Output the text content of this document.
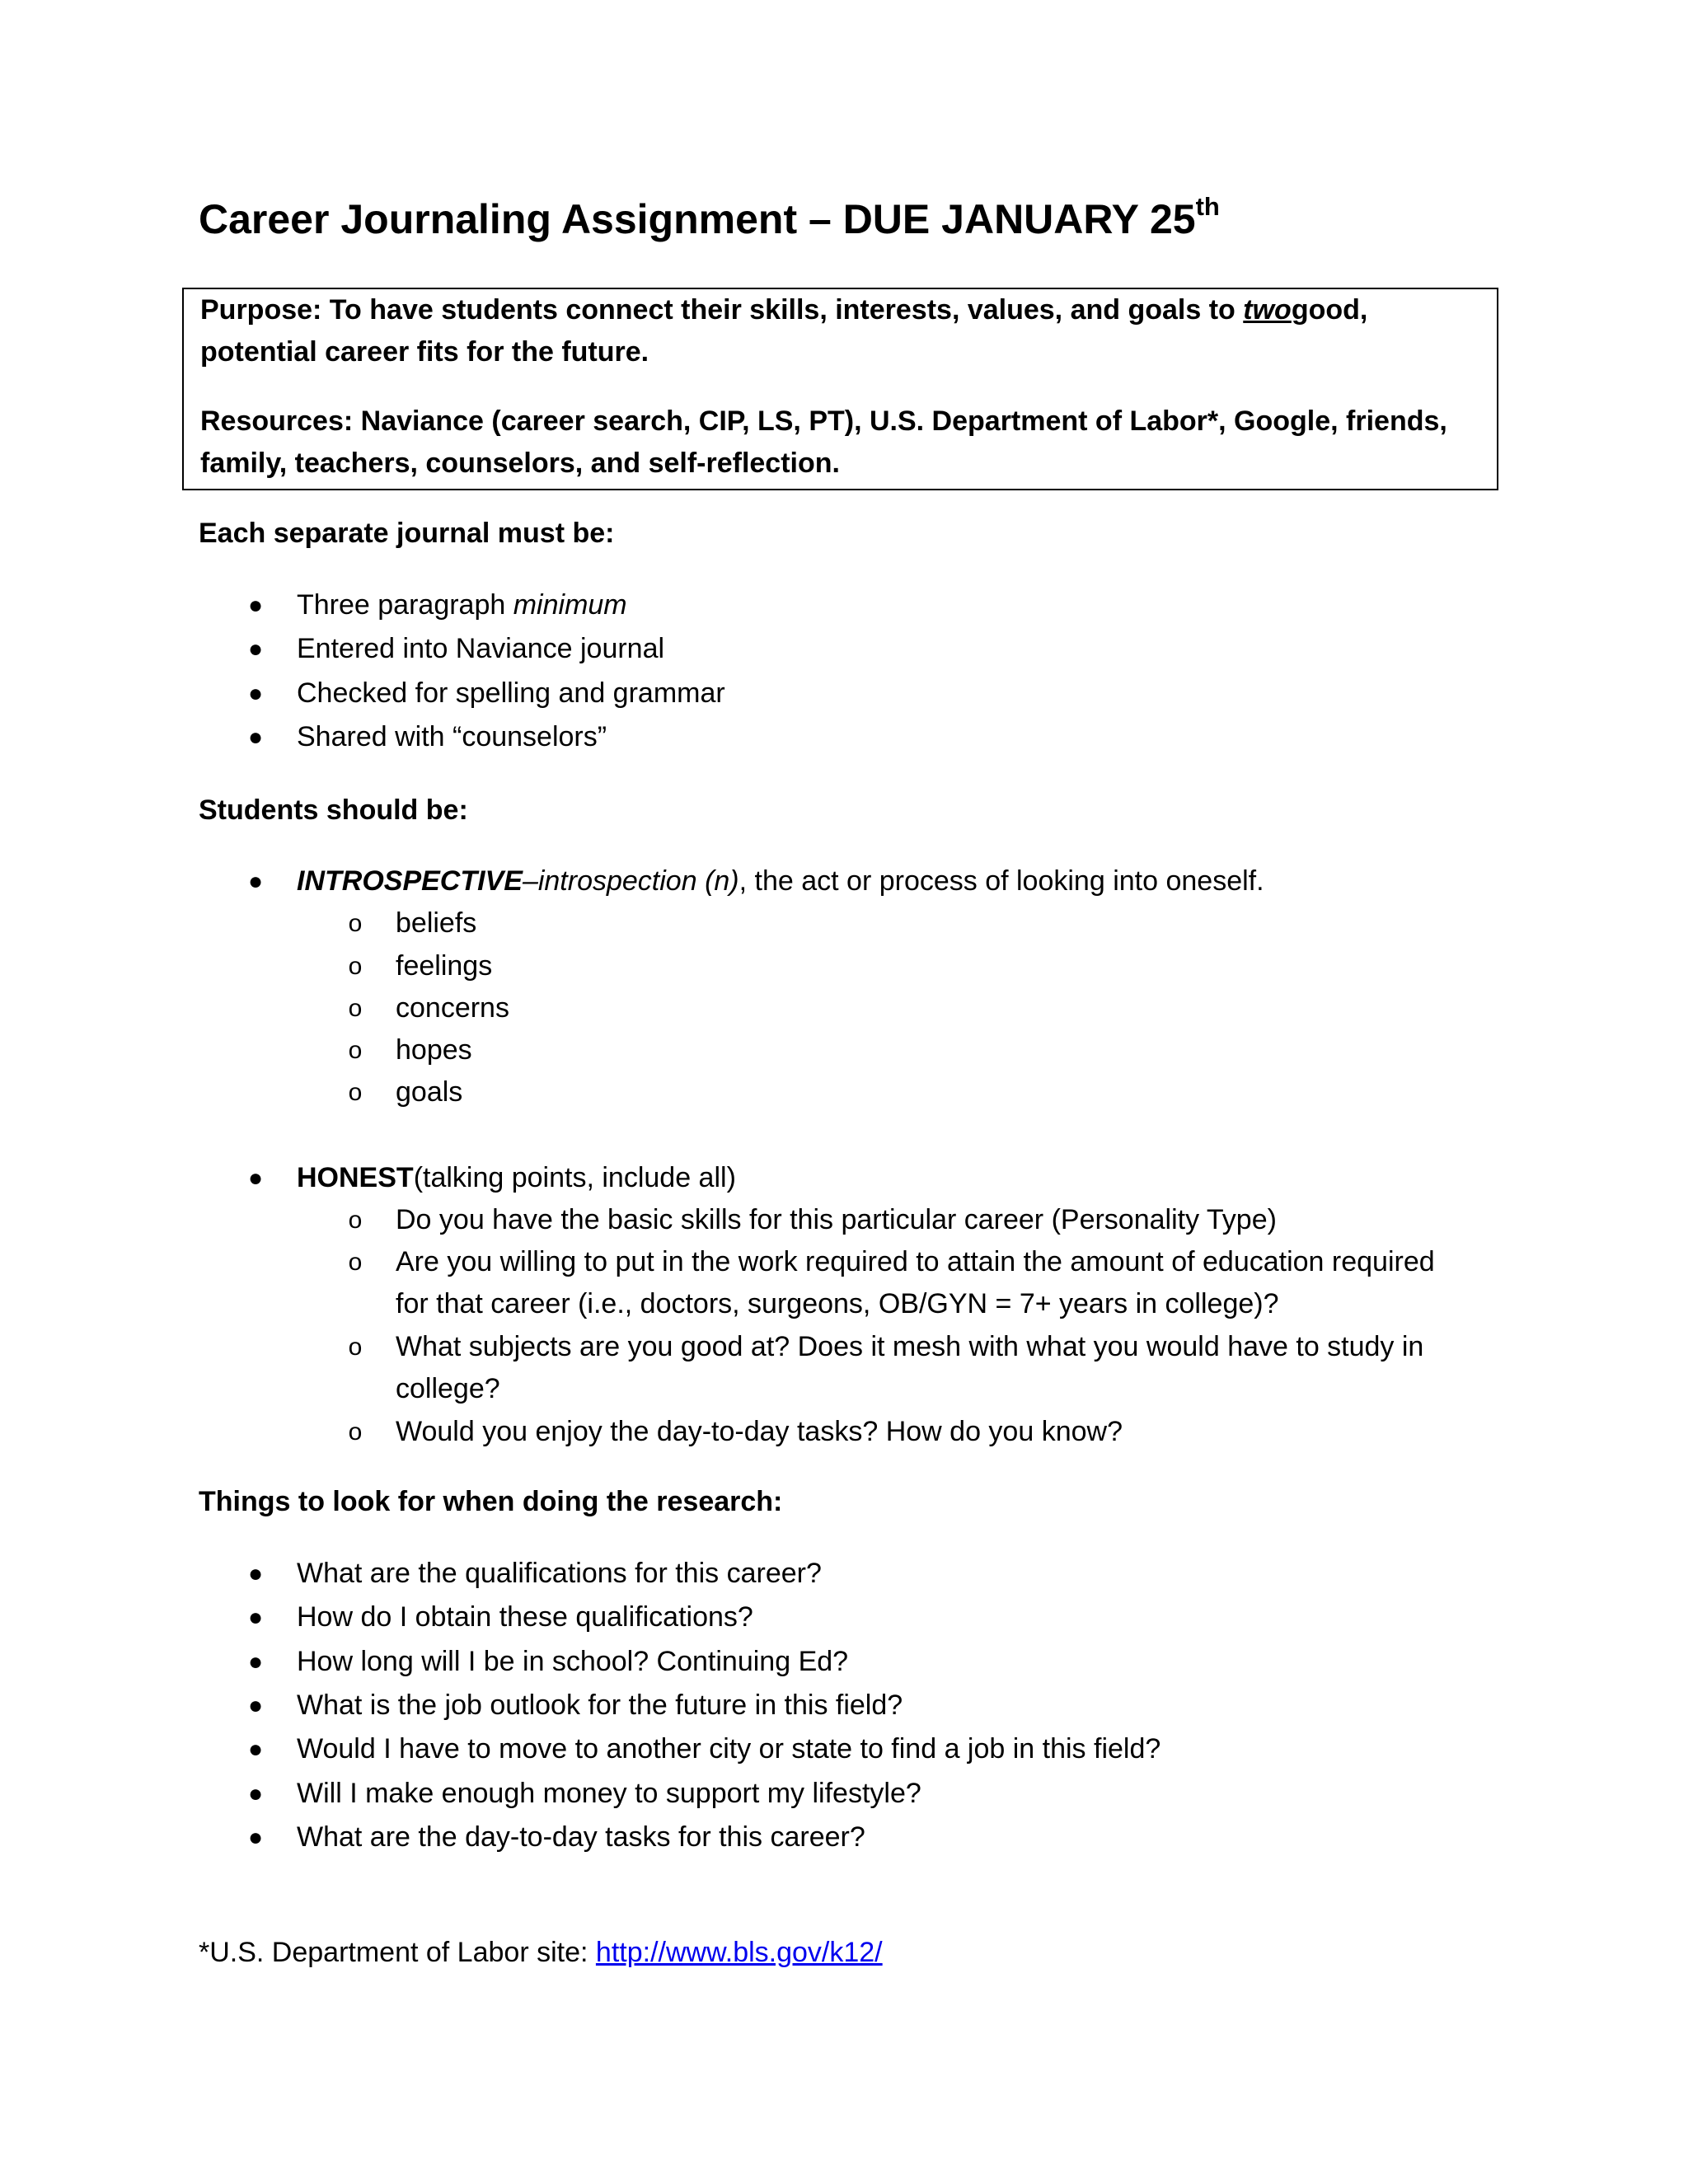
Career Journaling Assignment – DUE JANUARY 25th
Purpose: To have students connect their skills, interests, values, and goals to twogood, potential career fits for the future.
Resources: Naviance (career search, CIP, LS, PT), U.S. Department of Labor*, Google, friends, family, teachers, counselors, and self-reflection.
Each separate journal must be:
● Three paragraph minimum
● Entered into Naviance journal
● Checked for spelling and grammar
● Shared with “counselors”
Students should be:
● INTROSPECTIVE–introspection (n), the act or process of looking into oneself.
o beliefs
o feelings
o concerns
o hopes
o goals
● HONEST(talking points, include all)
o Do you have the basic skills for this particular career (Personality Type)
o Are you willing to put in the work required to attain the amount of education required for that career (i.e., doctors, surgeons, OB/GYN = 7+ years in college)?
o What subjects are you good at? Does it mesh with what you would have to study in college?
o Would you enjoy the day-to-day tasks? How do you know?
Things to look for when doing the research:
● What are the qualifications for this career?
● How do I obtain these qualifications?
● How long will I be in school? Continuing Ed?
● What is the job outlook for the future in this field?
● Would I have to move to another city or state to find a job in this field?
● Will I make enough money to support my lifestyle?
● What are the day-to-day tasks for this career?
*U.S. Department of Labor site: http://www.bls.gov/k12/
